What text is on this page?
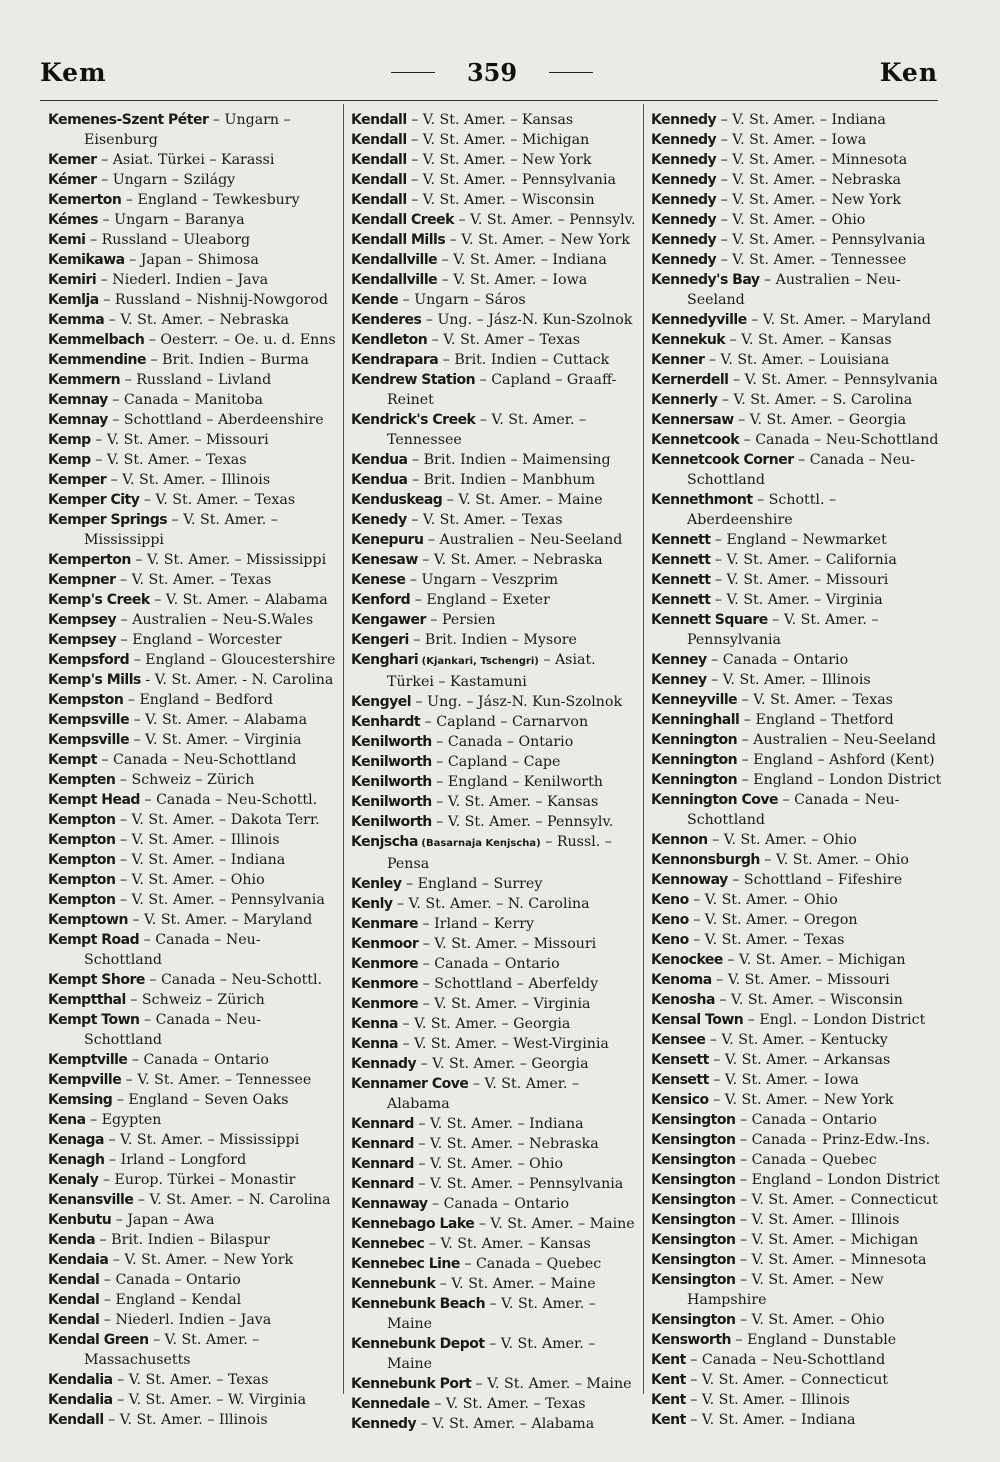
Kem	359	Ken
Kemenes-Szent Péter – Ungarn – Eisenburg
Kemer – Asiat. Türkei – Karassi
Kémer – Ungarn – Szilágy
Kemerton – England – Tewkesbury
Kémes – Ungarn – Baranya
Kemi – Russland – Uleaborg
Kemikawa – Japan – Shimosa
Kemiri – Niederl. Indien – Java
Kemlja – Russland – Nishnij-Nowgorod
Kemma – V. St. Amer. – Nebraska
Kemmelbach – Oesterr. – Oe. u. d. Enns
Kemmendine – Brit. Indien – Burma
Kemmern – Russland – Livland
Kemnay – Canada – Manitoba
Kemnay – Schottland – Aberdeenshire
Kemp – V. St. Amer. – Missouri
Kemp – V. St. Amer. – Texas
Kemper – V. St. Amer. – Illinois
Kemper City – V. St. Amer. – Texas
Kemper Springs – V. St. Amer. – Mississippi
Kemperton – V. St. Amer. – Mississippi
Kempner – V. St. Amer. – Texas
Kemp's Creek – V. St. Amer. – Alabama
Kempsey – Australien – Neu-S.Wales
Kempsey – England – Worcester
Kempsford – England – Gloucestershire
Kemp's Mills - V. St. Amer. - N. Carolina
Kempston – England – Bedford
Kempsville – V. St. Amer. – Alabama
Kempsville – V. St. Amer. – Virginia
Kempt – Canada – Neu-Schottland
Kempten – Schweiz – Zürich
Kempt Head – Canada – Neu-Schottl.
Kempton – V. St. Amer. – Dakota Terr.
Kempton – V. St. Amer. – Illinois
Kempton – V. St. Amer. – Indiana
Kempton – V. St. Amer. – Ohio
Kempton – V. St. Amer. – Pennsylvania
Kemptown – V. St. Amer. – Maryland
Kempt Road – Canada – Neu-Schottland
Kempt Shore – Canada – Neu-Schottl.
Kemptthal – Schweiz – Zürich
Kempt Town – Canada – Neu-Schottland
Kemptville – Canada – Ontario
Kempville – V. St. Amer. – Tennessee
Kemsing – England – Seven Oaks
Kena – Egypten
Kenaga – V. St. Amer. – Mississippi
Kenagh – Irland – Longford
Kenaly – Europ. Türkei – Monastir
Kenansville – V. St. Amer. – N. Carolina
Kenbutu – Japan – Awa
Kenda – Brit. Indien – Bilaspur
Kendaia – V. St. Amer. – New York
Kendal – Canada – Ontario
Kendal – England – Kendal
Kendal – Niederl. Indien – Java
Kendal Green – V. St. Amer. – Massachusetts
Kendalia – V. St. Amer. – Texas
Kendalia – V. St. Amer. – W. Virginia
Kendall – V. St. Amer. – Illinois
Kendall – V. St. Amer. – Kansas
Kendall – V. St. Amer. – Michigan
Kendall – V. St. Amer. – New York
Kendall – V. St. Amer. – Pennsylvania
Kendall – V. St. Amer. – Wisconsin
Kendall Creek – V. St. Amer. – Pennsylv.
Kendall Mills – V. St. Amer. – New York
Kendallville – V. St. Amer. – Indiana
Kendallville – V. St. Amer. – Iowa
Kende – Ungarn – Sáros
Kenderes – Ung. – Jász-N. Kun-Szolnok
Kendleton – V. St. Amer – Texas
Kendrapara – Brit. Indien – Cuttack
Kendrew Station – Capland – Graaff-Reinet
Kendrick's Creek – V. St. Amer. – Tennessee
Kendua – Brit. Indien – Maimensing
Kendua – Brit. Indien – Manbhum
Kenduskeag – V. St. Amer. – Maine
Kenedy – V. St. Amer. – Texas
Kenepuru – Australien – Neu-Seeland
Kenesaw – V. St. Amer. – Nebraska
Kenese – Ungarn – Veszprim
Kenford – England – Exeter
Kengawer – Persien
Kengeri – Brit. Indien – Mysore
Kenghari (Kjankari, Tschengri) – Asiat. Türkei – Kastamuni
Kengyel – Ung. – Jász-N. Kun-Szolnok
Kenhardt – Capland – Carnarvon
Kenilworth – Canada – Ontario
Kenilworth – Capland – Cape
Kenilworth – England – Kenilworth
Kenilworth – V. St. Amer. – Kansas
Kenilworth – V. St. Amer. – Pennsylv.
Kenjscha (Basarnaja Kenjscha) – Russl. – Pensa
Kenley – England – Surrey
Kenly – V. St. Amer. – N. Carolina
Kenmare – Irland – Kerry
Kenmoor – V. St. Amer. – Missouri
Kenmore – Canada – Ontario
Kenmore – Schottland – Aberfeldy
Kenmore – V. St. Amer. – Virginia
Kenna – V. St. Amer. – Georgia
Kenna – V. St. Amer. – West-Virginia
Kennady – V. St. Amer. – Georgia
Kennamer Cove – V. St. Amer. – Alabama
Kennard – V. St. Amer. – Indiana
Kennard – V. St. Amer. – Nebraska
Kennard – V. St. Amer. – Ohio
Kennard – V. St. Amer. – Pennsylvania
Kennaway – Canada – Ontario
Kennebago Lake – V. St. Amer. – Maine
Kennebec – V. St. Amer. – Kansas
Kennebec Line – Canada – Quebec
Kennebunk – V. St. Amer. – Maine
Kennebunk Beach – V. St. Amer. – Maine
Kennebunk Depot – V. St. Amer. – Maine
Kennebunk Port – V. St. Amer. – Maine
Kennedale – V. St. Amer. – Texas
Kennedy – V. St. Amer. – Alabama
Kennedy – V. St. Amer. – Indiana
Kennedy – V. St. Amer. – Iowa
Kennedy – V. St. Amer. – Minnesota
Kennedy – V. St. Amer. – Nebraska
Kennedy – V. St. Amer. – New York
Kennedy – V. St. Amer. – Ohio
Kennedy – V. St. Amer. – Pennsylvania
Kennedy – V. St. Amer. – Tennessee
Kennedy's Bay – Australien – Neu-Seeland
Kennedyville – V. St. Amer. – Maryland
Kennekuk – V. St. Amer. – Kansas
Kenner – V. St. Amer. – Louisiana
Kernerdell – V. St. Amer. – Pennsylvania
Kennerly – V. St. Amer. – S. Carolina
Kennersaw – V. St. Amer. – Georgia
Kennetcook – Canada – Neu-Schottland
Kennetcook Corner – Canada – Neu-Schottland
Kennethmont – Schottl. – Aberdeenshire
Kennett – England – Newmarket
Kennett – V. St. Amer. – California
Kennett – V. St. Amer. – Missouri
Kennett – V. St. Amer. – Virginia
Kennett Square – V. St. Amer. – Pennsylvania
Kenney – Canada – Ontario
Kenney – V. St. Amer. – Illinois
Kenneyville – V. St. Amer. – Texas
Kenninghall – England – Thetford
Kennington – Australien – Neu-Seeland
Kennington – England – Ashford (Kent)
Kennington – England – London District
Kennington Cove – Canada – Neu-Schottland
Kennon – V. St. Amer. – Ohio
Kennonsburgh – V. St. Amer. – Ohio
Kennoway – Schottland – Fifeshire
Keno – V. St. Amer. – Ohio
Keno – V. St. Amer. – Oregon
Keno – V. St. Amer. – Texas
Kenockee – V. St. Amer. – Michigan
Kenoma – V. St. Amer. – Missouri
Kenosha – V. St. Amer. – Wisconsin
Kensal Town – Engl. – London District
Kensee – V. St. Amer. – Kentucky
Kensett – V. St. Amer. – Arkansas
Kensett – V. St. Amer. – Iowa
Kensico – V. St. Amer. – New York
Kensington – Canada – Ontario
Kensington – Canada – Prinz-Edw.-Ins.
Kensington – Canada – Quebec
Kensington – England – London District
Kensington – V. St. Amer. – Connecticut
Kensington – V. St. Amer. – Illinois
Kensington – V. St. Amer. – Michigan
Kensington – V. St. Amer. – Minnesota
Kensington – V. St. Amer. – New Hampshire
Kensington – V. St. Amer. – Ohio
Kensworth – England – Dunstable
Kent – Canada – Neu-Schottland
Kent – V. St. Amer. – Connecticut
Kent – V. St. Amer. – Illinois
Kent – V. St. Amer. – Indiana
